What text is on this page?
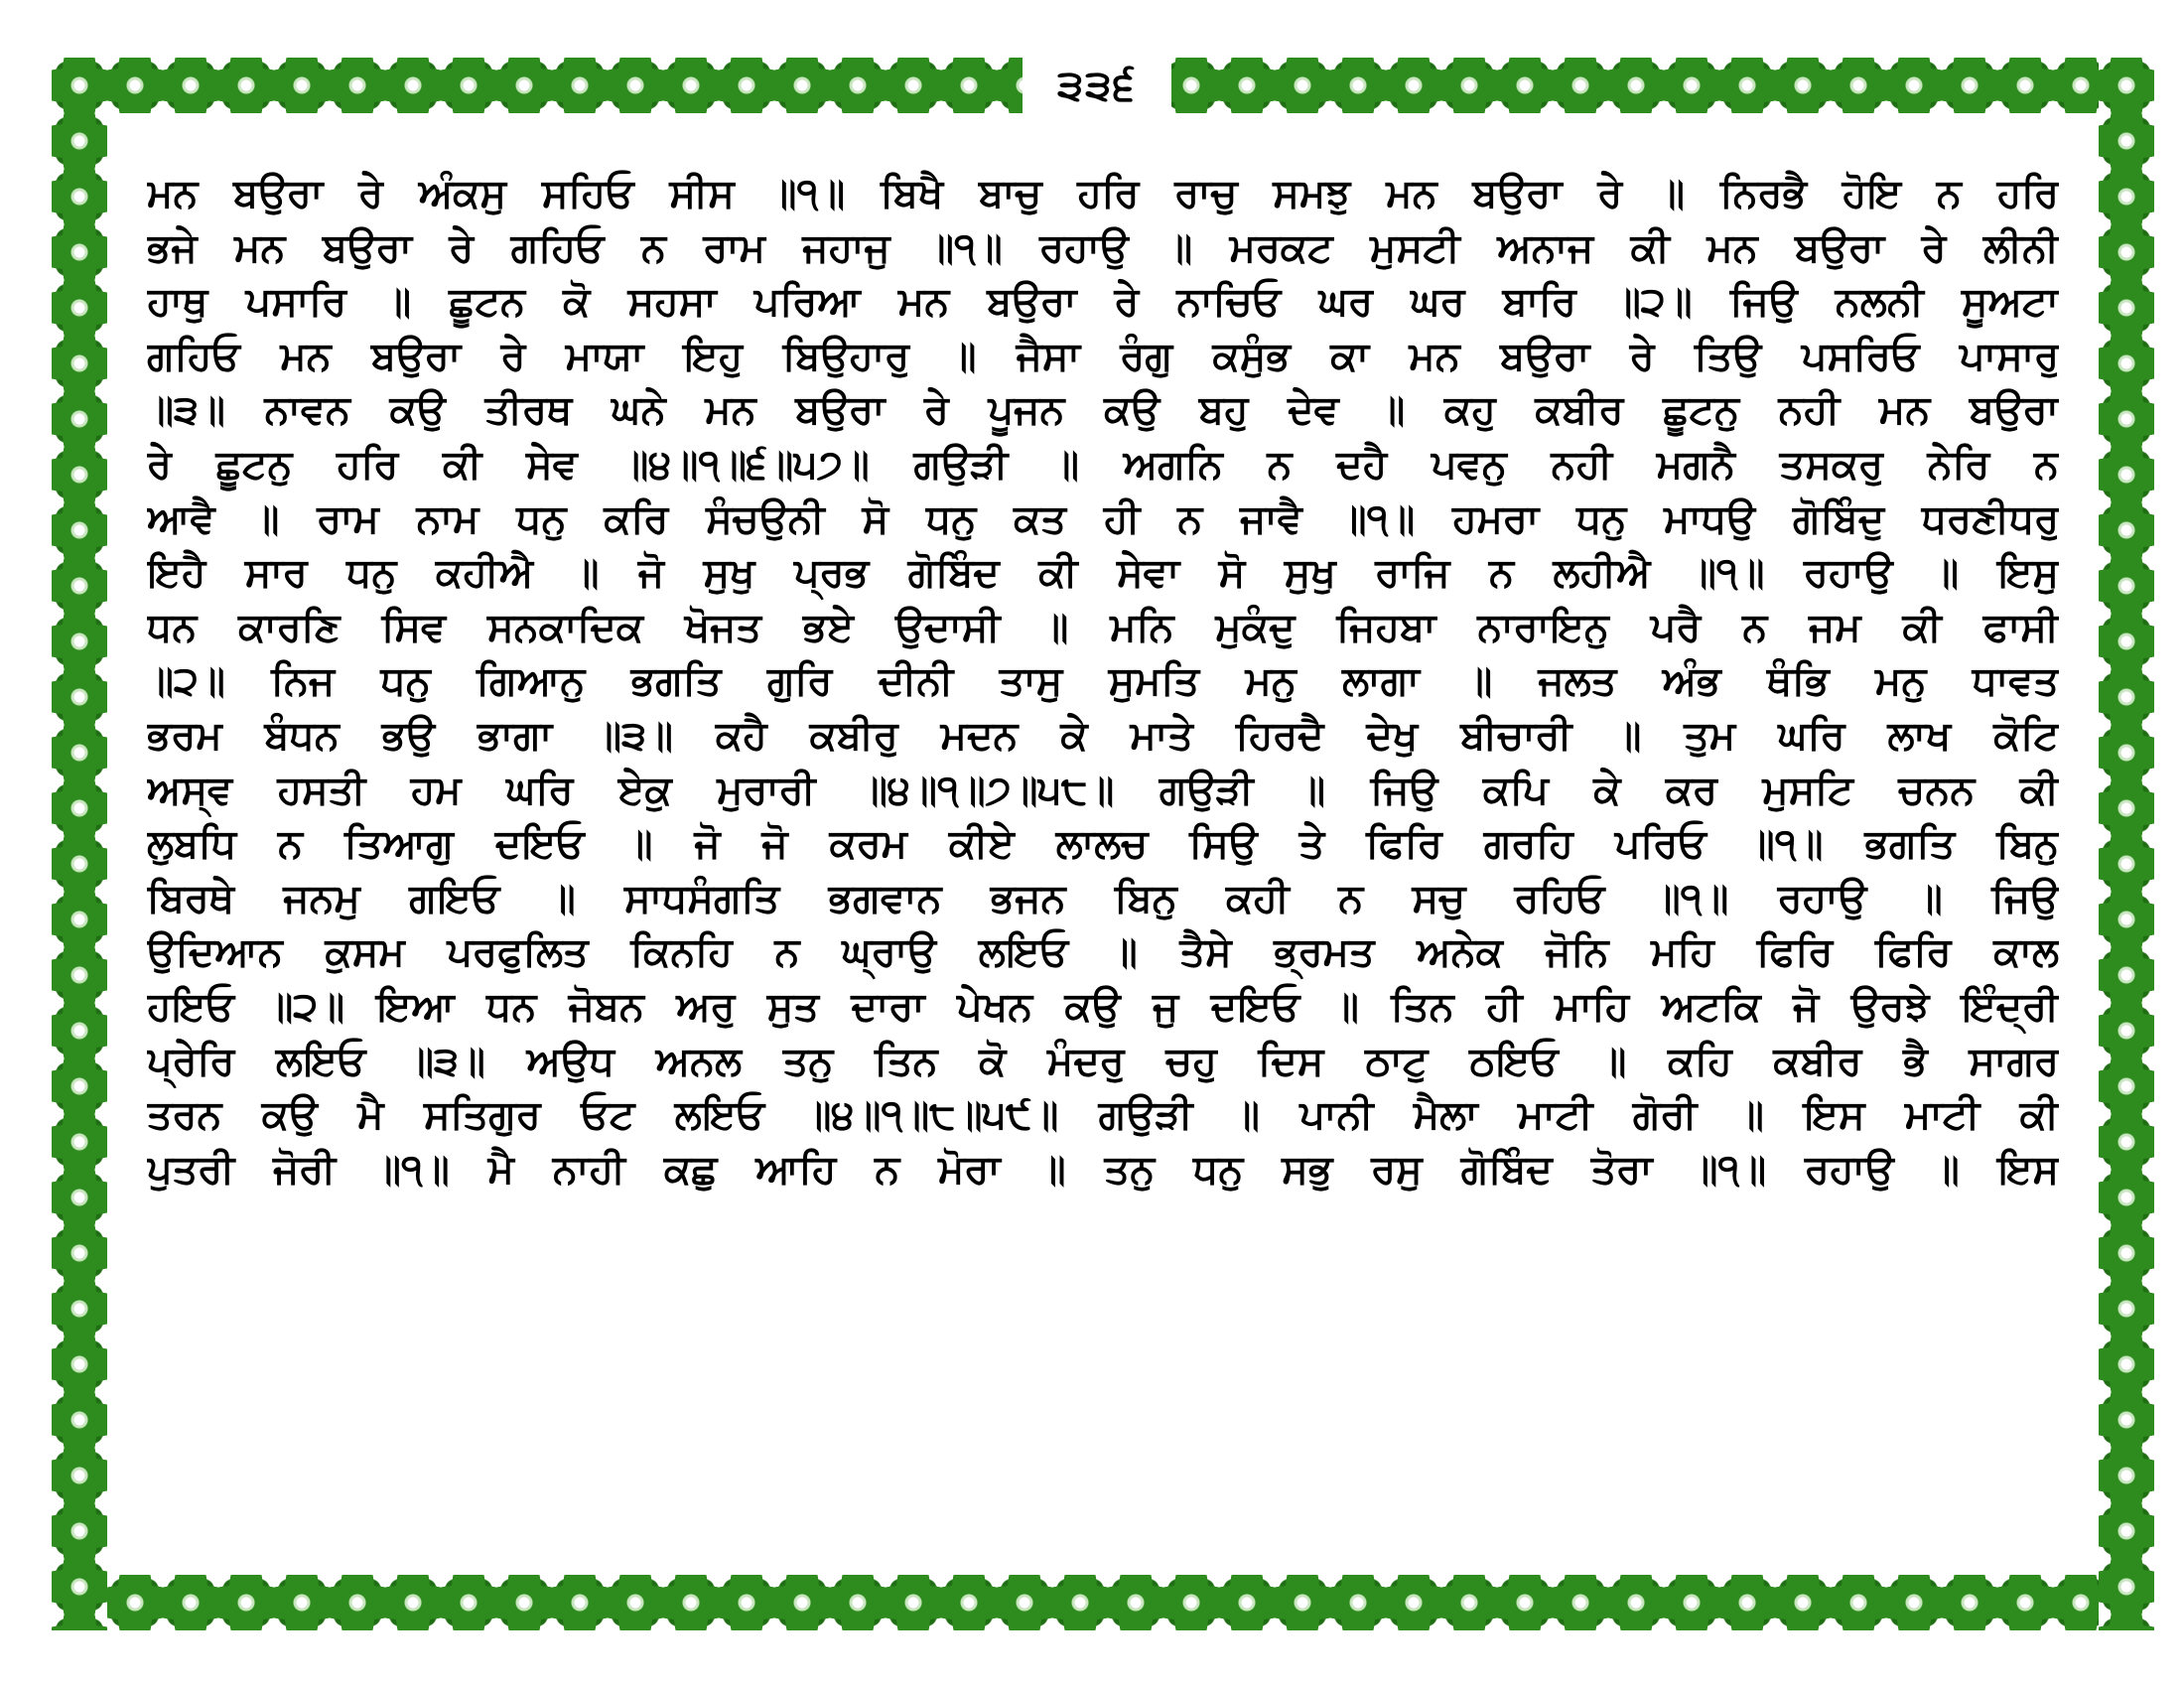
੩੩੬
ਮਨ ਬਉਰਾ ਰੇ ਅੰਕਸੁ ਸਹਿਓ ਸੀਸ ॥੧॥ ਬਿਖੈ ਬਾਚੁ ਹਰਿ ਰਾਚੁ ਸਮਝੁ ਮਨ ਬਉਰਾ ਰੇ ॥ ਨਿਰਭੈ ਹੋਇ ਨ ਹਰਿ
ਭਜੇ ਮਨ ਬਉਰਾ ਰੇ ਗਹਿਓ ਨ ਰਾਮ ਜਹਾਜੁ ॥੧॥ ਰਹਾਉ ॥ ਮਰਕਟ ਮੁਸਟੀ ਅਨਾਜ ਕੀ ਮਨ ਬਉਰਾ ਰੇ ਲੀਨੀ
ਹਾਥੁ ਪਸਾਰਿ ॥ ਛੂਟਨ ਕੋ ਸਹਸਾ ਪਰਿਆ ਮਨ ਬਉਰਾ ਰੇ ਨਾਚਿਓ ਘਰ ਘਰ ਬਾਰਿ ॥੨॥ ਜਿਉ ਨਲਨੀ ਸੂਅਟਾ
ਗਹਿਓ ਮਨ ਬਉਰਾ ਰੇ ਮਾਯਾ ਇਹੁ ਬਿਉਹਾਰੁ ॥ ਜੈਸਾ ਰੰਗੁ ਕਸੁੰਭ ਕਾ ਮਨ ਬਉਰਾ ਰੇ ਤਿਉ ਪਸਰਿਓ ਪਾਸਾਰੁ
॥੩॥ ਨਾਵਨ ਕਉ ਤੀਰਥ ਘਨੇ ਮਨ ਬਉਰਾ ਰੇ ਪੂਜਨ ਕਉ ਬਹੁ ਦੇਵ ॥ ਕਹੁ ਕਬੀਰ ਛੂਟਨੁ ਨਹੀ ਮਨ ਬਉਰਾ
ਰੇ ਛੂਟਨੁ ਹਰਿ ਕੀ ਸੇਵ ॥੪॥੧॥੬॥੫੭॥ ਗਉੜੀ ॥ ਅਗਨਿ ਨ ਦਹੈ ਪਵਨੁ ਨਹੀ ਮਗਨੈ ਤਸਕਰੁ ਨੇਰਿ ਨ
ਆਵੈ ॥ ਰਾਮ ਨਾਮ ਧਨੁ ਕਰਿ ਸੰਚਉਨੀ ਸੋ ਧਨੁ ਕਤ ਹੀ ਨ ਜਾਵੈ ॥੧॥ ਹਮਰਾ ਧਨੁ ਮਾਧਉ ਗੋਬਿੰਦੁ ਧਰਣੀਧਰੁ
ਇਹੈ ਸਾਰ ਧਨੁ ਕਹੀਐ ॥ ਜੋ ਸੁਖੁ ਪ੍ਰਭ ਗੋਬਿੰਦ ਕੀ ਸੇਵਾ ਸੋ ਸੁਖੁ ਰਾਜਿ ਨ ਲਹੀਐ ॥੧॥ ਰਹਾਉ ॥ ਇਸੁ
ਧਨ ਕਾਰਣਿ ਸਿਵ ਸਨਕਾਦਿਕ ਖੋਜਤ ਭਏ ਉਦਾਸੀ ॥ ਮਨਿ ਮੁਕੰਦੁ ਜਿਹਬਾ ਨਾਰਾਇਨੁ ਪਰੈ ਨ ਜਮ ਕੀ ਫਾਸੀ
॥੨॥ ਨਿਜ ਧਨੁ ਗਿਆਨੁ ਭਗਤਿ ਗੁਰਿ ਦੀਨੀ ਤਾਸੁ ਸੁਮਤਿ ਮਨੁ ਲਾਗਾ ॥ ਜਲਤ ਅੰਭ ਥੰਭਿ ਮਨੁ ਧਾਵਤ
ਭਰਮ ਬੰਧਨ ਭਉ ਭਾਗਾ ॥੩॥ ਕਹੈ ਕਬੀਰੁ ਮਦਨ ਕੇ ਮਾਤੇ ਹਿਰਦੈ ਦੇਖੁ ਬੀਚਾਰੀ ॥ ਤੁਮ ਘਰਿ ਲਾਖ ਕੋਟਿ
ਅਸ੍ਵ ਹਸਤੀ ਹਮ ਘਰਿ ਏਕੁ ਮੁਰਾਰੀ ॥੪॥੧॥੭॥੫੮॥ ਗਉੜੀ ॥ ਜਿਉ ਕਪਿ ਕੇ ਕਰ ਮੁਸਟਿ ਚਨਨ ਕੀ
ਲੁਬਧਿ ਨ ਤਿਆਗੁ ਦਇਓ ॥ ਜੋ ਜੋ ਕਰਮ ਕੀਏ ਲਾਲਚ ਸਿਉ ਤੇ ਫਿਰਿ ਗਰਹਿ ਪਰਿਓ ॥੧॥ ਭਗਤਿ ਬਿਨੁ
ਬਿਰਥੇ ਜਨਮੁ ਗਇਓ ॥ ਸਾਧਸੰਗਤਿ ਭਗਵਾਨ ਭਜਨ ਬਿਨੁ ਕਹੀ ਨ ਸਚੁ ਰਹਿਓ ॥੧॥ ਰਹਾਉ ॥ ਜਿਉ
ਉਦਿਆਨ ਕੁਸਮ ਪਰਫੁਲਿਤ ਕਿਨਹਿ ਨ ਘ੍ਰਾਉ ਲਇਓ ॥ ਤੈਸੇ ਭ੍ਰਮਤ ਅਨੇਕ ਜੋਨਿ ਮਹਿ ਫਿਰਿ ਫਿਰਿ ਕਾਲ
ਹਇਓ ॥੨॥ ਇਆ ਧਨ ਜੋਬਨ ਅਰੁ ਸੁਤ ਦਾਰਾ ਪੇਖਨ ਕਉ ਜੁ ਦਇਓ ॥ ਤਿਨ ਹੀ ਮਾਹਿ ਅਟਕਿ ਜੋ ਉਰਝੇ ਇੰਦ੍ਰੀ
ਪ੍ਰੇਰਿ ਲਇਓ ॥੩॥ ਅਉਧ ਅਨਲ ਤਨੁ ਤਿਨ ਕੋ ਮੰਦਰੁ ਚਹੁ ਦਿਸ ਠਾਟੁ ਠਇਓ ॥ ਕਹਿ ਕਬੀਰ ਭੈ ਸਾਗਰ
ਤਰਨ ਕਉ ਮੈ ਸਤਿਗੁਰ ਓਟ ਲਇਓ ॥੪॥੧॥੮॥੫੯॥ ਗਉੜੀ ॥ ਪਾਨੀ ਮੈਲਾ ਮਾਟੀ ਗੋਰੀ ॥ ਇਸ ਮਾਟੀ ਕੀ
ਪੁਤਰੀ ਜੋਰੀ ॥੧॥ ਮੈ ਨਾਹੀ ਕਛੁ ਆਹਿ ਨ ਮੋਰਾ ॥ ਤਨੁ ਧਨੁ ਸਭੁ ਰਸੁ ਗੋਬਿੰਦ ਤੋਰਾ ॥੧॥ ਰਹਾਉ ॥ ਇਸ
